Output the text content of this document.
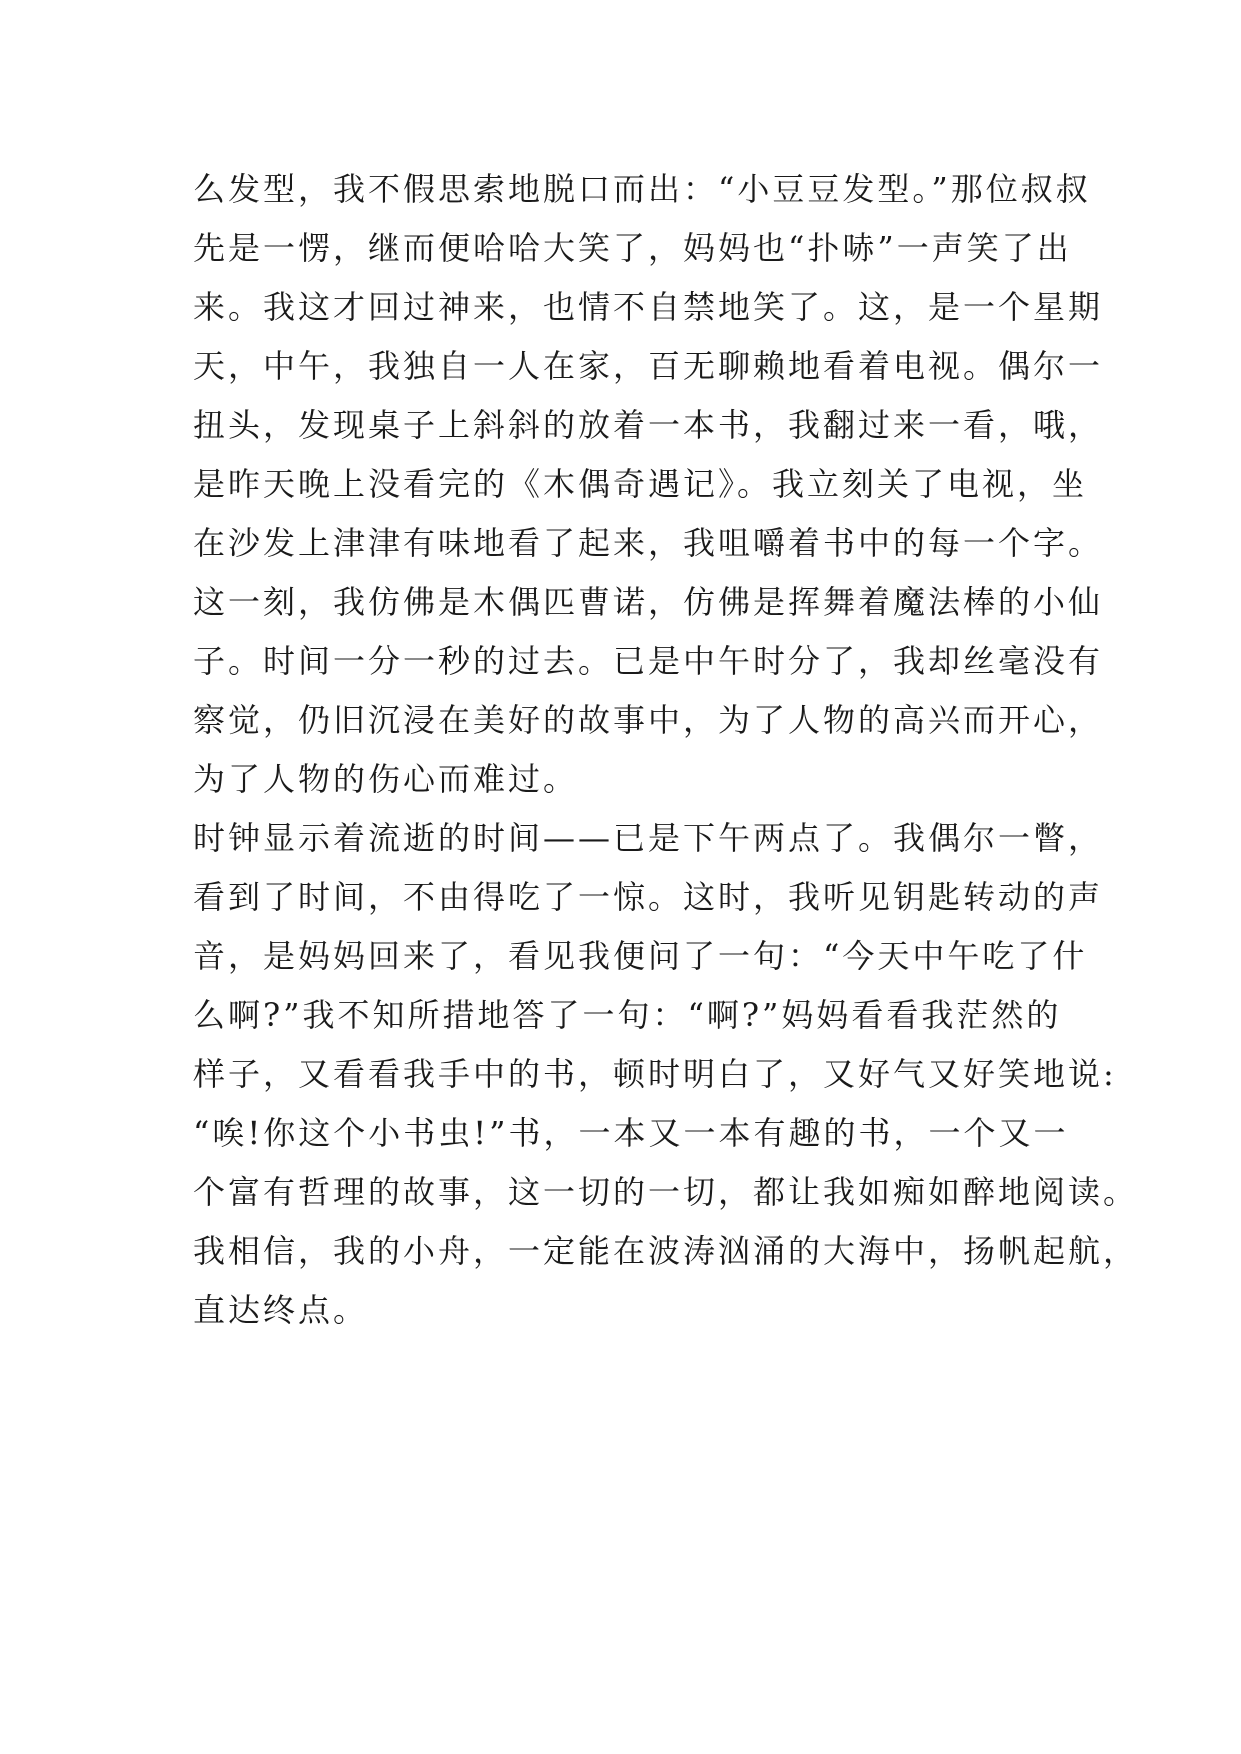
么发型，我不假思索地脱口而出：“小豆豆发型。”那位叔叔
先是一愣，继而便哈哈大笑了，妈妈也“扑哧”一声笑了出
来。我这才回过神来，也情不自禁地笑了。这，是一个星期
天，中午，我独自一人在家，百无聊赖地看着电视。偶尔一
扭头，发现桌子上斜斜的放着一本书，我翻过来一看，哦，
是昨天晚上没看完的《木偶奇遇记》。我立刻关了电视，坐
在沙发上津津有味地看了起来，我咀嚼着书中的每一个字。
这一刻，我仿佛是木偶匹曹诺，仿佛是挥舞着魔法棒的小仙
子。时间一分一秒的过去。已是中午时分了，我却丝毫没有
察觉，仍旧沉浸在美好的故事中，为了人物的高兴而开心，
为了人物的伤心而难过。
时钟显示着流逝的时间——已是下午两点了。我偶尔一瞥，
看到了时间，不由得吃了一惊。这时，我听见钥匙转动的声
音，是妈妈回来了，看见我便问了一句：“今天中午吃了什
么啊?”我不知所措地答了一句：“啊?”妈妈看看我茫然的
样子，又看看我手中的书，顿时明白了，又好气又好笑地说:
“唉!你这个小书虫!”书，一本又一本有趣的书，一个又一
个富有哲理的故事，这一切的一切，都让我如痴如醉地阅读。
我相信，我的小舟，一定能在波涛汹涌的大海中，扬帆起航，
直达终点。
